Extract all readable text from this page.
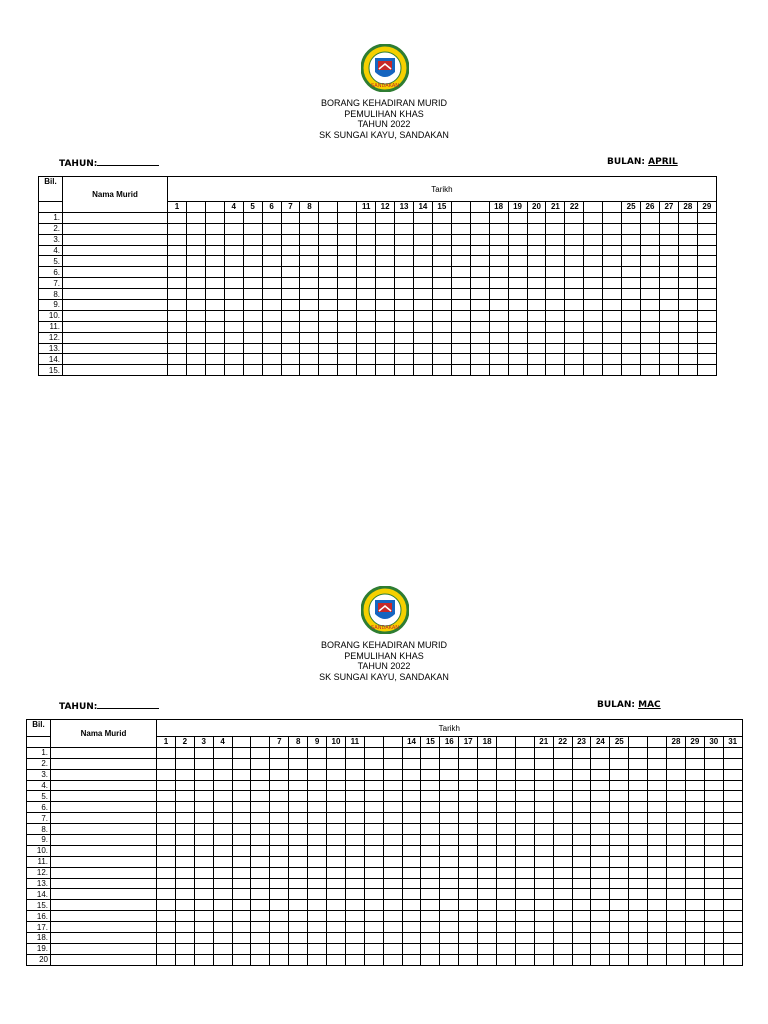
SANDAKAN
BORANG KEHADIRAN MURID
PEMULIHAN KHAS
TAHUN 2022
SK SUNGAI KAYU, SANDAKAN
TAHUN:	BULAN: APRIL
Bil.	Nama Murid	Tarikh																												
		1			4	5	6	7	8			11	12	13	14	15			18	19	20	21	22			25	26	27	28	29
1.																														
2.																														
3.																														
4.																														
5.																														
6.																														
7.																														
8.																														
9.																														
10.																														
11.																														
12.																														
13.																														
14.																														
15.																														
SANDAKAN
BORANG KEHADIRAN MURID
PEMULIHAN KHAS
TAHUN 2022
SK SUNGAI KAYU, SANDAKAN
TAHUN:	BULAN: MAC
Bil.	Nama Murid	Tarikh																														
		1	2	3	4			7	8	9	10	11			14	15	16	17	18			21	22	23	24	25			28	29	30	31
1.																																
2.																																
3.																																
4.																																
5.																																
6.																																
7.																																
8.																																
9.																																
10.																																
11.																																
12.																																
13.																																
14.																																
15.																																
16.																																
17.																																
18.																																
19.																																
20																																
